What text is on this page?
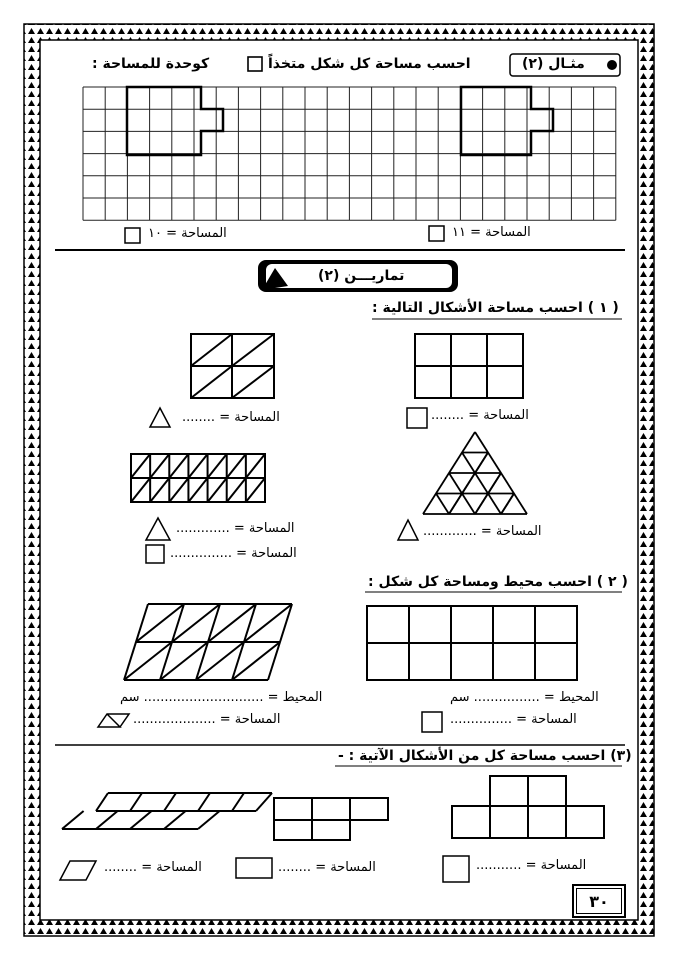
مثـال (٢)
احسب مساحة كل شكل متخذاً
كوحدة للمساحة :
المساحة = ١٠	المساحة = ١١
تماريـــن (٢)
( ١ ) احسب مساحة الأشكال التالية :
المساحة = ........
المساحة = ........
المساحة = .............
المساحة = .............
المساحة = ...............
( ٢ ) احسب محيط ومساحة كل شكل :
المحيط = ................ سم
المساحة = ...............
المحيط = ............................. سم
المساحة = ....................
(٣) احسب مساحة كل من الأشكال الآتية : -
المساحة = ...........
المساحة = ........
المساحة = ........
٣٠
